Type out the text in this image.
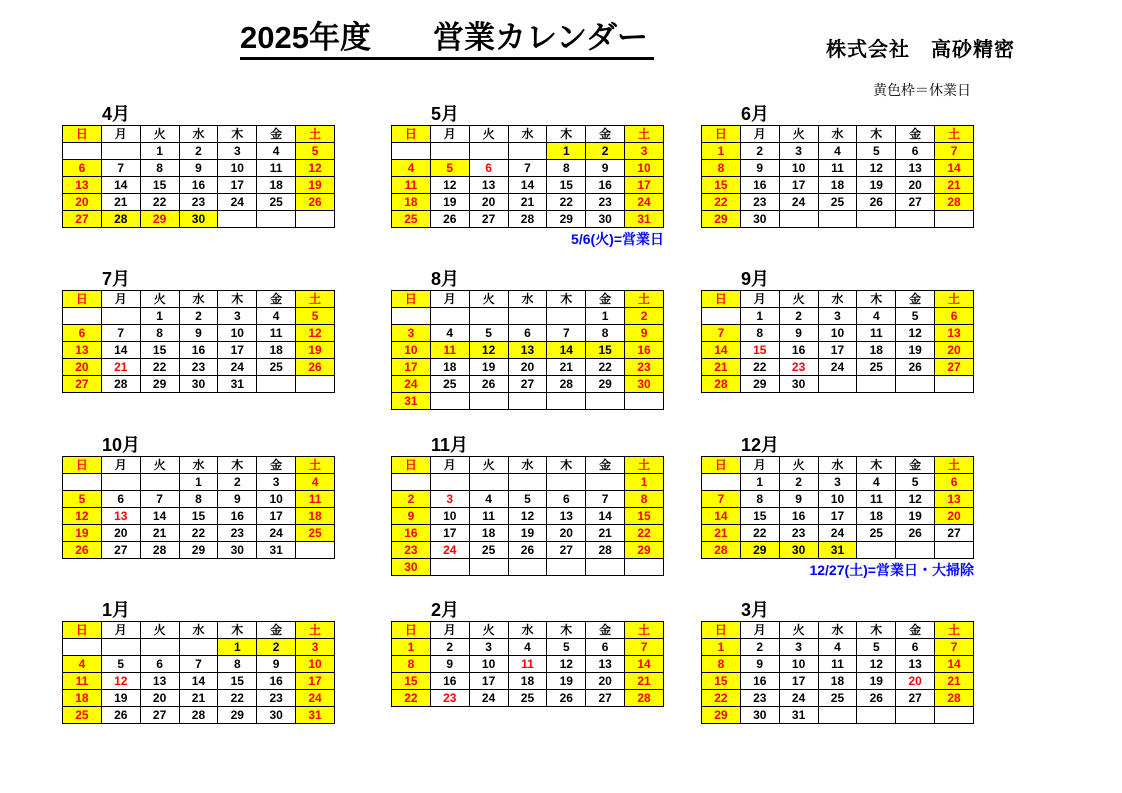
2025年度　　営業カレンダー	株式会社　高砂精密
黄色枠＝休業日
4月
日	月	火	水	木	金	土
		1	2	3	4	5
6	7	8	9	10	11	12
13	14	15	16	17	18	19
20	21	22	23	24	25	26
27	28	29	30			
5月
日	月	火	水	木	金	土
				1	2	3
4	5	6	7	8	9	10
11	12	13	14	15	16	17
18	19	20	21	22	23	24
25	26	27	28	29	30	31
5/6(火)=営業日
6月
日	月	火	水	木	金	土
1	2	3	4	5	6	7
8	9	10	11	12	13	14
15	16	17	18	19	20	21
22	23	24	25	26	27	28
29	30					
7月
日	月	火	水	木	金	土
		1	2	3	4	5
6	7	8	9	10	11	12
13	14	15	16	17	18	19
20	21	22	23	24	25	26
27	28	29	30	31		
8月
日	月	火	水	木	金	土
					1	2
3	4	5	6	7	8	9
10	11	12	13	14	15	16
17	18	19	20	21	22	23
24	25	26	27	28	29	30
31						
9月
日	月	火	水	木	金	土
	1	2	3	4	5	6
7	8	9	10	11	12	13
14	15	16	17	18	19	20
21	22	23	24	25	26	27
28	29	30				
10月
日	月	火	水	木	金	土
			1	2	3	4
5	6	7	8	9	10	11
12	13	14	15	16	17	18
19	20	21	22	23	24	25
26	27	28	29	30	31	
11月
日	月	火	水	木	金	土
						1
2	3	4	5	6	7	8
9	10	11	12	13	14	15
16	17	18	19	20	21	22
23	24	25	26	27	28	29
30						
12月
日	月	火	水	木	金	土
	1	2	3	4	5	6
7	8	9	10	11	12	13
14	15	16	17	18	19	20
21	22	23	24	25	26	27
28	29	30	31			
12/27(土)=営業日・大掃除
1月
日	月	火	水	木	金	土
				1	2	3
4	5	6	7	8	9	10
11	12	13	14	15	16	17
18	19	20	21	22	23	24
25	26	27	28	29	30	31
2月
日	月	火	水	木	金	土
1	2	3	4	5	6	7
8	9	10	11	12	13	14
15	16	17	18	19	20	21
22	23	24	25	26	27	28
3月
日	月	火	水	木	金	土
1	2	3	4	5	6	7
8	9	10	11	12	13	14
15	16	17	18	19	20	21
22	23	24	25	26	27	28
29	30	31				
